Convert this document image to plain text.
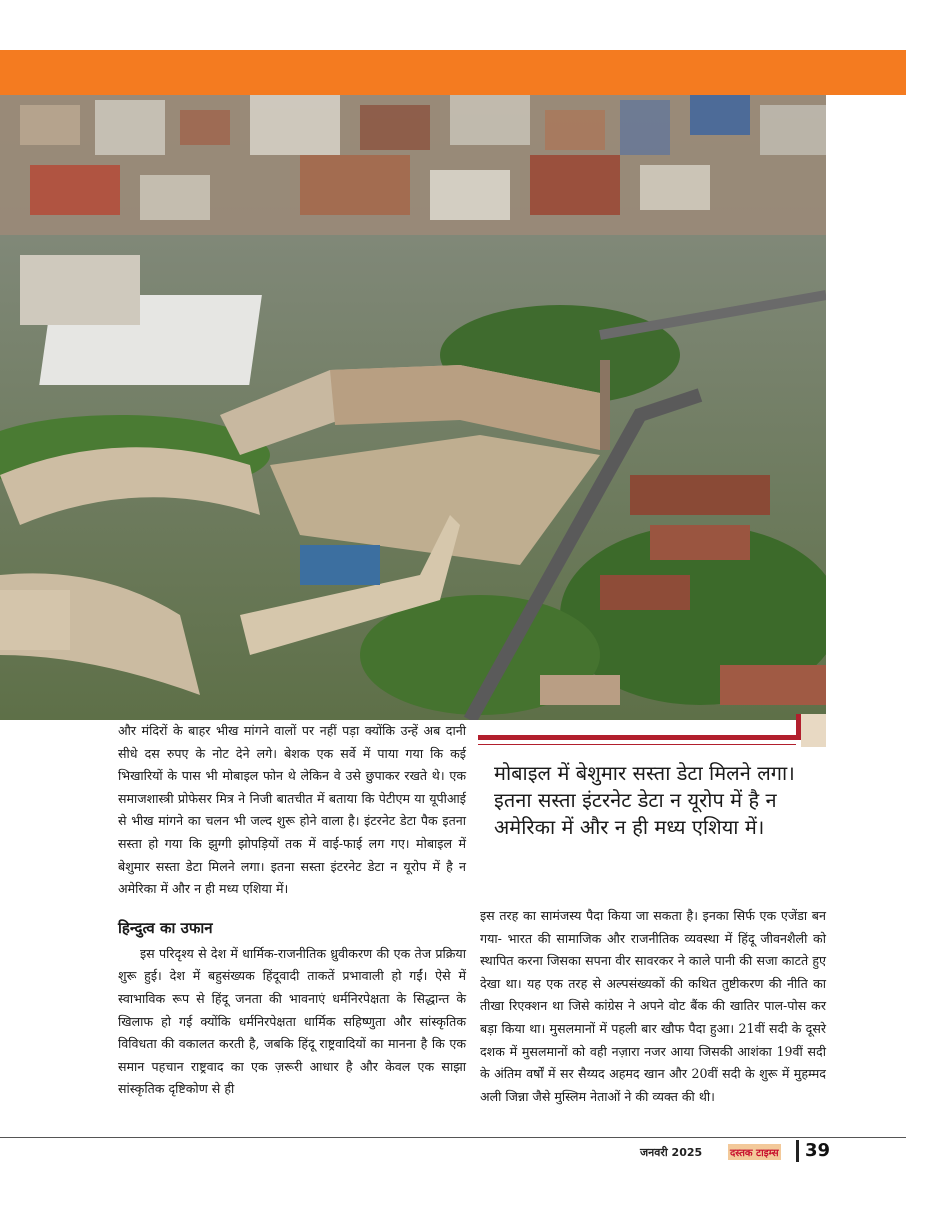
और मंदिरों के बाहर भीख मांगने वालों पर नहीं पड़ा क्योंकि उन्हें अब दानी सीधे दस रुपए के नोट देने लगे। बेशक एक सर्वे में पाया गया कि कई भिखारियों के पास भी मोबाइल फोन थे लेकिन वे उसे छुपाकर रखते थे। एक समाजशास्त्री प्रोफेसर मित्र ने निजी बातचीत में बताया कि पेटीएम या यूपीआई से भीख मांगने का चलन भी जल्द शुरू होने वाला है। इंटरनेट डेटा पैक इतना सस्ता हो गया कि झुग्गी झोपड़ियों तक में वाई-फाई लग गए। मोबाइल में बेशुमार सस्ता डेटा मिलने लगा। इतना सस्ता इंटरनेट डेटा न यूरोप में है न अमेरिका में और न ही मध्य एशिया में।

हिन्दुत्व का उफान

इस परिदृश्य से देश में धार्मिक-राजनीतिक ध्रुवीकरण की एक तेज प्रक्रिया शुरू हुई। देश में बहुसंख्यक हिंदूवादी ताकतें प्रभावाली हो गईं। ऐसे में स्वाभाविक रूप से हिंदू जनता की भावनाएं धर्मनिरपेक्षता के सिद्धान्त के खिलाफ हो गई क्योंकि धर्मनिरपेक्षता धार्मिक सहिष्णुता और सांस्कृतिक विविधता की वकालत करती है, जबकि हिंदू राष्ट्रवादियों का मानना है कि एक समान पहचान राष्ट्रवाद का एक ज़रूरी आधार है और केवल एक साझा सांस्कृतिक दृष्टिकोण से ही

मोबाइल में बेशुमार सस्ता डेटा मिलने लगा। इतना सस्ता इंटरनेट डेटा न यूरोप में है न अमेरिका में और न ही मध्य एशिया में।

इस तरह का सामंजस्य पैदा किया जा सकता है। इनका सिर्फ एक एजेंडा बन गया- भारत की सामाजिक और राजनीतिक व्यवस्था में हिंदू जीवनशैली को स्थापित करना जिसका सपना वीर सावरकर ने काले पानी की सजा काटते हुए देखा था। यह एक तरह से अल्पसंख्यकों की कथित तुष्टीकरण की नीति का तीखा रिएक्शन था जिसे कांग्रेस ने अपने वोट बैंक की खातिर पाल-पोस कर बड़ा किया था। मुसलमानों में पहली बार खौफ पैदा हुआ। 21वीं सदी के दूसरे दशक में मुसलमानों को वही नज़ारा नजर आया जिसकी आशंका 19वीं सदी के अंतिम वर्षों में सर सैय्यद अहमद खान और 20वीं सदी के शुरू में मुहम्मद अली जिन्ना जैसे मुस्लिम नेताओं ने की व्यक्त की थी।

जनवरी 2025	दस्तक टाइम्स 39
